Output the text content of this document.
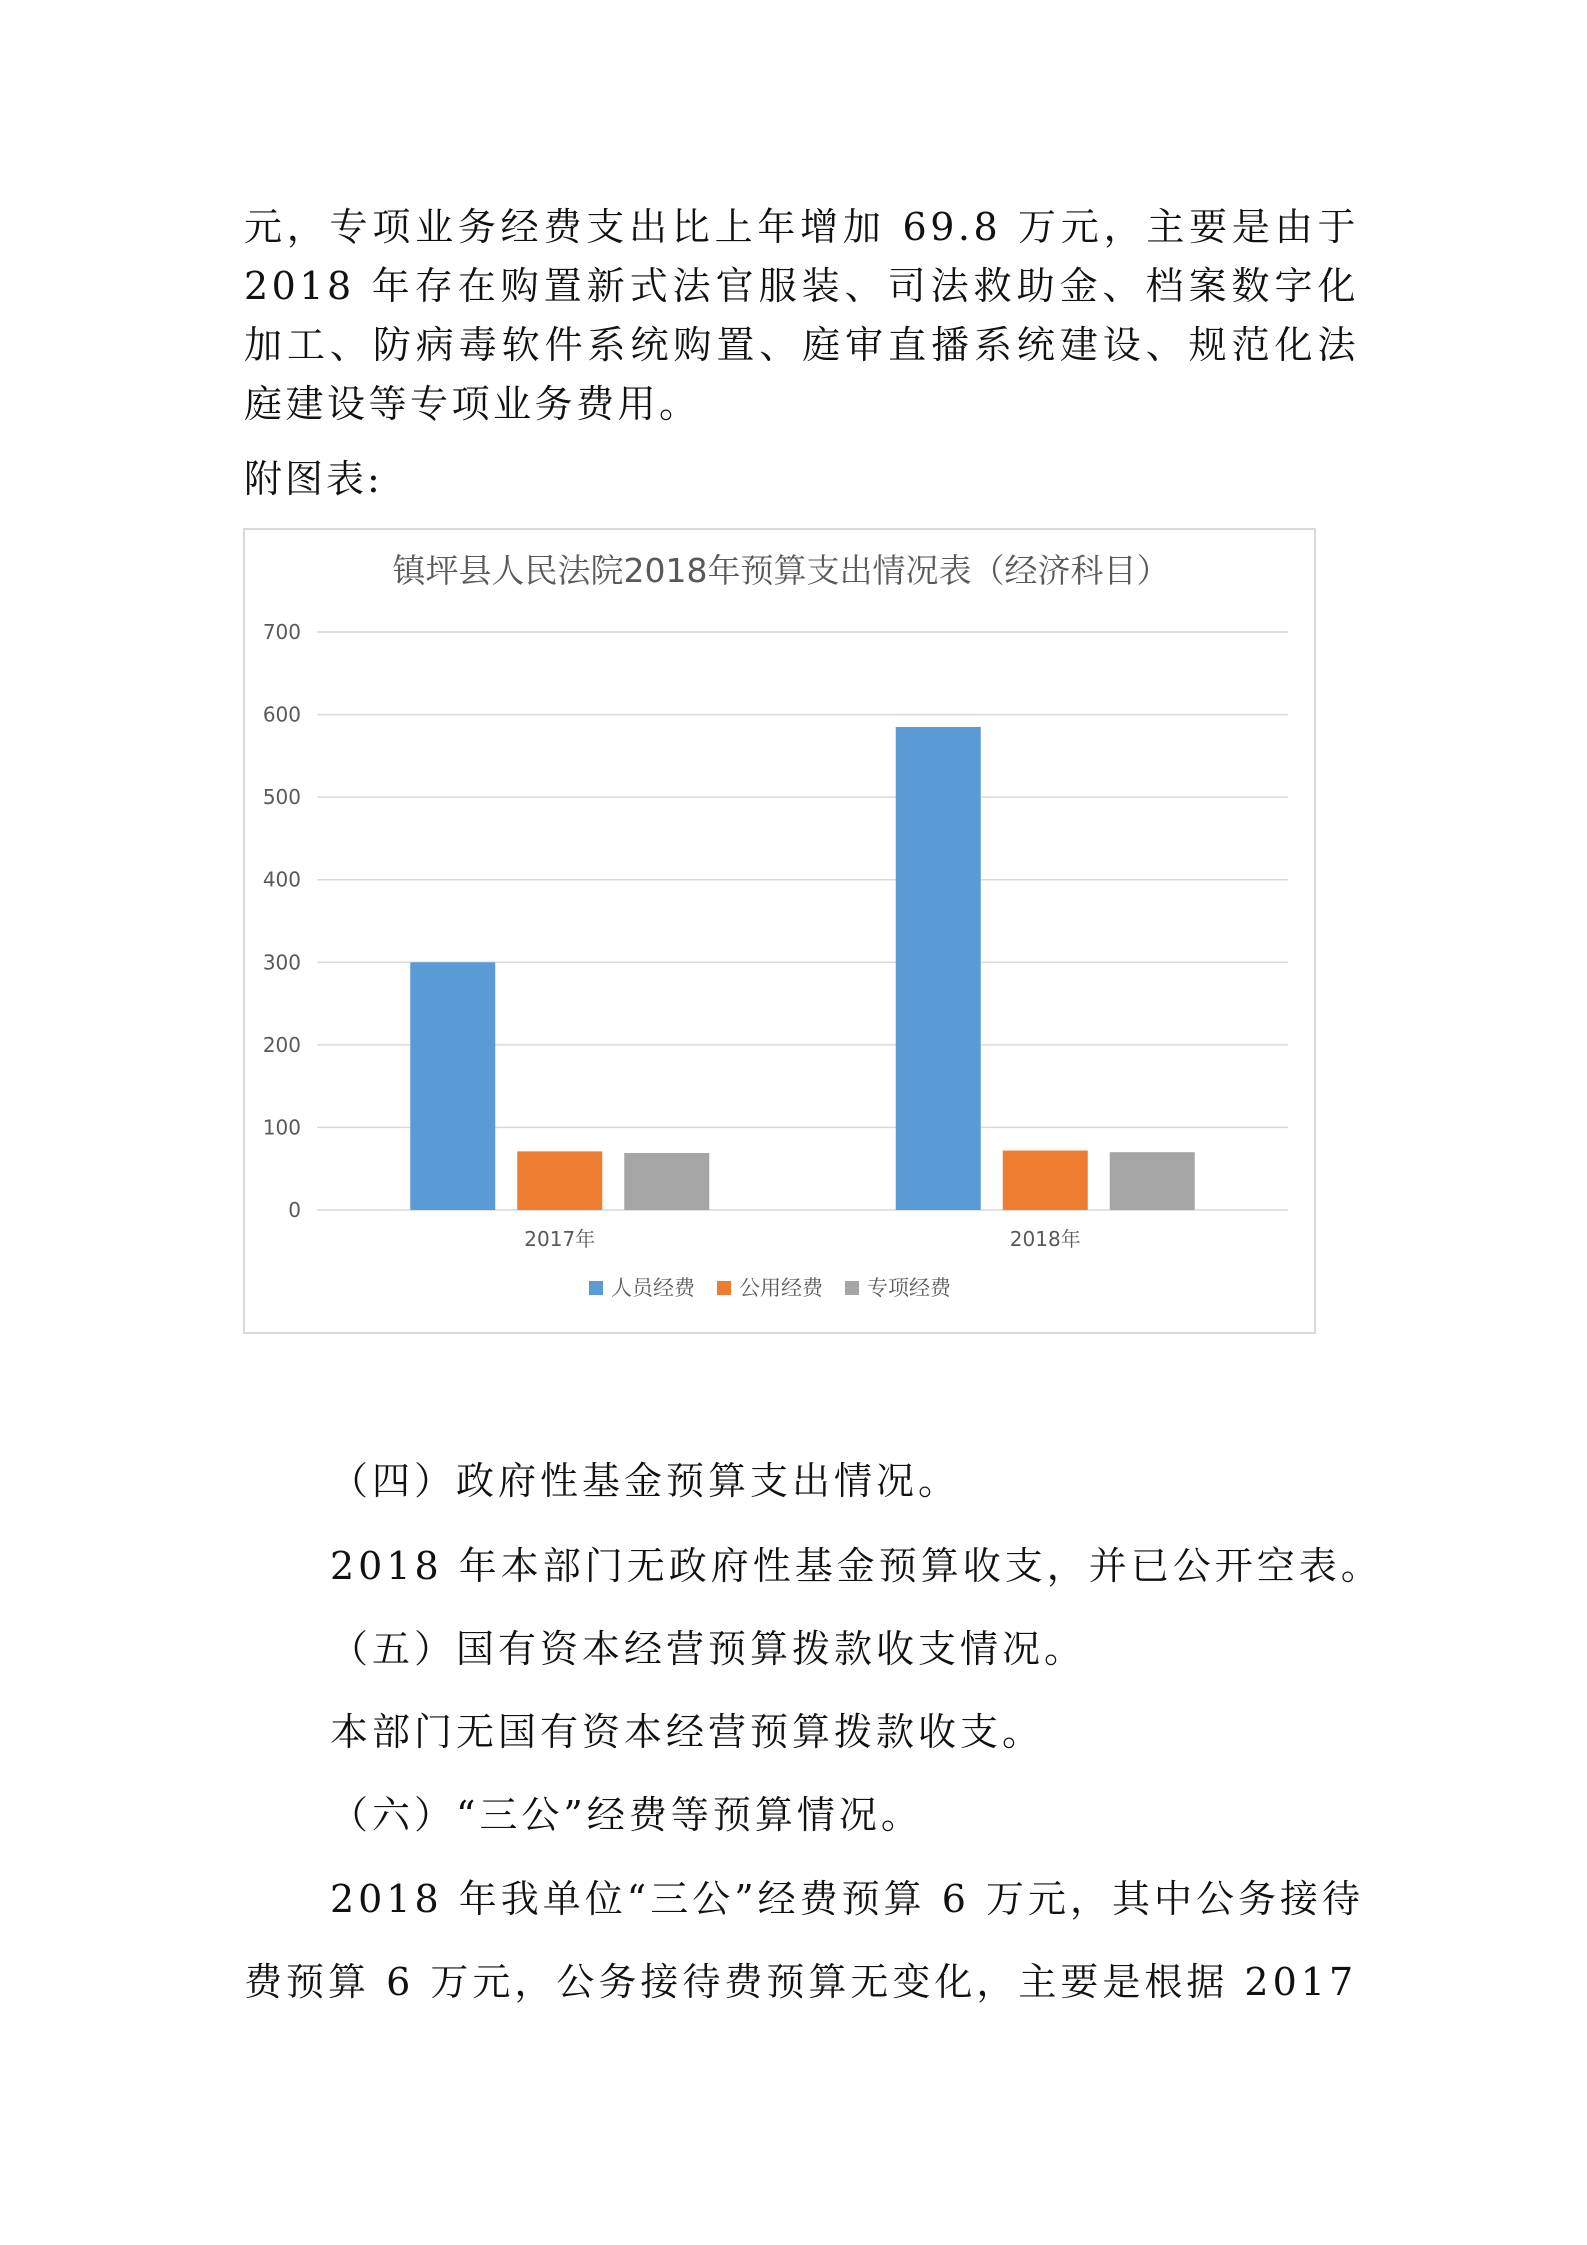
元，专项业务经费支出比上年增加 69.8 万元，主要是由于 2018 年存在购置新式法官服装、司法救助金、档案数字化加工、防病毒软件系统购置、庭审直播系统建设、规范化法庭建设等专项业务费用。

附图表:
镇坪县人民法院2018年预算支出情况表（经济科目）
0
100
200
300
400
500
600
700
2017年	2018年
人员经费 公用经费 专项经费

（四）政府性基金预算支出情况。

2018 年本部门无政府性基金预算收支，并已公开空表。

（五）国有资本经营预算拨款收支情况。

本部门无国有资本经营预算拨款收支。

（六）“三公”经费等预算情况。

2018 年我单位“三公”经费预算 6 万元，其中公务接待

费预算 6 万元，公务接待费预算无变化，主要是根据 2017
